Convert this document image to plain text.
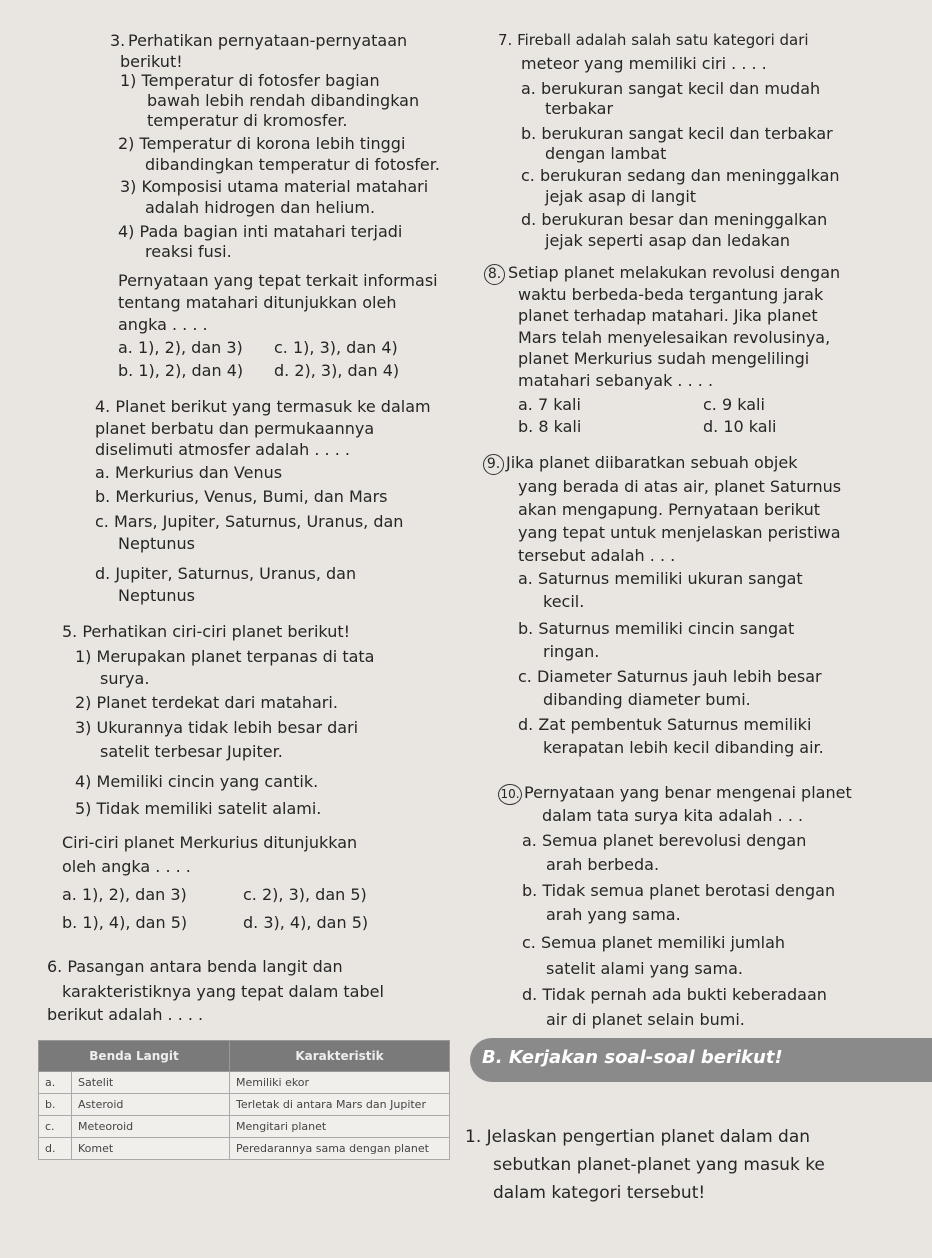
3. Perhatikan pernyataan-pernyataan
berikut!
1) Temperatur di fotosfer bagian
bawah lebih rendah dibandingkan
temperatur di kromosfer.
2) Temperatur di korona lebih tinggi
dibandingkan temperatur di fotosfer.
3) Komposisi utama material matahari
adalah hidrogen dan helium.
4) Pada bagian inti matahari terjadi
reaksi fusi.
Pernyataan yang tepat terkait informasi
tentang matahari ditunjukkan oleh
angka . . . .
a. 1), 2), dan 3) c. 1), 3), dan 4)
b. 1), 2), dan 4) d. 2), 3), dan 4)
4. Planet berikut yang termasuk ke dalam
planet berbatu dan permukaannya
diselimuti atmosfer adalah . . . .
a. Merkurius dan Venus
b. Merkurius, Venus, Bumi, dan Mars
c. Mars, Jupiter, Saturnus, Uranus, dan
Neptunus
d. Jupiter, Saturnus, Uranus, dan
Neptunus
5. Perhatikan ciri-ciri planet berikut!
1) Merupakan planet terpanas di tata
surya.
2) Planet terdekat dari matahari.
3) Ukurannya tidak lebih besar dari
satelit terbesar Jupiter.
4) Memiliki cincin yang cantik.
5) Tidak memiliki satelit alami.
Ciri-ciri planet Merkurius ditunjukkan
oleh angka . . . .
a. 1), 2), dan 3)	c. 2), 3), dan 5)
b. 1), 4), dan 5)	d. 3), 4), dan 5)
6. Pasangan antara benda langit dan
karakteristiknya yang tepat dalam tabel
berikut adalah . . . .
Benda Langit		Karakteristik
a.	Satelit	Memiliki ekor
b.	Asteroid	Terletak di antara Mars dan Jupiter
c.	Meteoroid	Mengitari planet
d.	Komet	Peredarannya sama dengan planet
7. Fireball adalah salah satu kategori dari
meteor yang memiliki ciri . . . .
a. berukuran sangat kecil dan mudah
terbakar
b. berukuran sangat kecil dan terbakar
dengan lambat
c. berukuran sedang dan meninggalkan
jejak asap di langit
d. berukuran besar dan meninggalkan
jejak seperti asap dan ledakan
8. Setiap planet melakukan revolusi dengan
waktu berbeda-beda tergantung jarak
planet terhadap matahari. Jika planet
Mars telah menyelesaikan revolusinya,
planet Merkurius sudah mengelilingi
matahari sebanyak . . . .
a. 7 kali	c. 9 kali
b. 8 kali	d. 10 kali
9. Jika planet diibaratkan sebuah objek
yang berada di atas air, planet Saturnus
akan mengapung. Pernyataan berikut
yang tepat untuk menjelaskan peristiwa
tersebut adalah . . .
a. Saturnus memiliki ukuran sangat
kecil.
b. Saturnus memiliki cincin sangat
ringan.
c. Diameter Saturnus jauh lebih besar
dibanding diameter bumi.
d. Zat pembentuk Saturnus memiliki
kerapatan lebih kecil dibanding air.
10. Pernyataan yang benar mengenai planet
dalam tata surya kita adalah . . .
a. Semua planet berevolusi dengan
arah berbeda.
b. Tidak semua planet berotasi dengan
arah yang sama.
c. Semua planet memiliki jumlah
satelit alami yang sama.
d. Tidak pernah ada bukti keberadaan
air di planet selain bumi.
B. Kerjakan soal-soal berikut!
1. Jelaskan pengertian planet dalam dan
sebutkan planet-planet yang masuk ke
dalam kategori tersebut!
